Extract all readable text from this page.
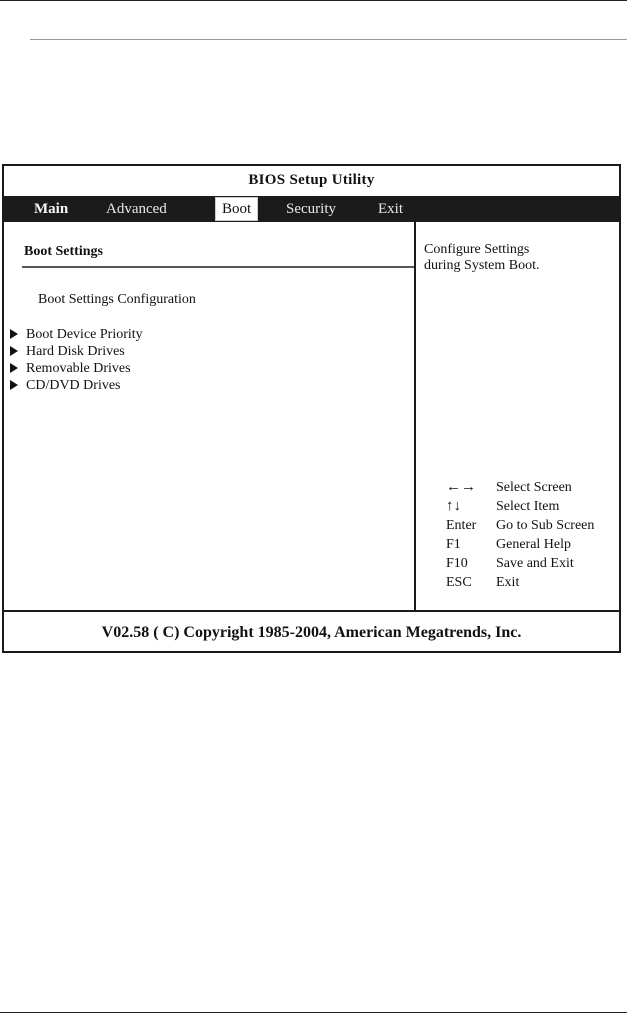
BIOS Setup Utility
Main	Advanced	Boot	Security	Exit
Boot Settings
Boot Settings Configuration
Boot Device Priority
Hard Disk Drives
Removable Drives
CD/DVD Drives
Configure Settings
during System Boot.
←→ Select Screen
↑↓	Select Item
Enter Go to Sub Screen
F1	General Help
F10 Save and Exit
ESC Exit
V02.58 ( C) Copyright 1985-2004, American Megatrends, Inc.
